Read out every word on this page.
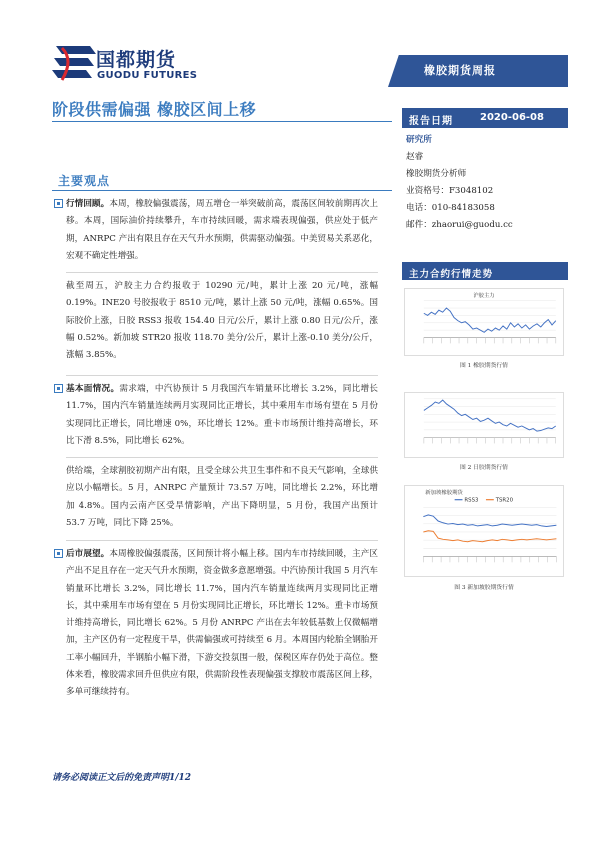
国都期货
GUODU FUTURES	橡胶期货周报
阶段供需偏强 橡胶区间上移
报告日期	2020-06-08
研究所
赵睿
橡胶期货分析师
业资格号：F3048102
电话：010-84183058
邮件：zhaorui@guodu.cc
主要观点
行情回顾。本周，橡胶偏强震荡，周五增仓一举突破前高，震荡区间较前期再次上移。本周，国际油价持续攀升，车市持续回暖，需求端表现偏强，供应处于低产期，ANRPC 产出有限且存在天气升水预期，供需驱动偏强。中美贸易关系恶化，宏观不确定性增强。
截至周五，沪胶主力合约报收于 10290 元/吨，累计上涨 20 元/吨，涨幅 0.19%。INE20 号胶报收于 8510 元/吨，累计上涨 50 元/吨，涨幅 0.65%。国际胶价上涨，日胶 RSS3 报收 154.40 日元/公斤，累计上涨 0.80 日元/公斤，涨幅 0.52%。新加坡 STR20 报收 118.70 美分/公斤，累计上涨-0.10 美分/公斤，涨幅 3.85%。
基本面情况。需求端，中汽协预计 5 月我国汽车销量环比增长 3.2%，同比增长 11.7%，国内汽车销量连续两月实现同比正增长，其中乘用车市场有望在 5 月份实现同比正增长，同比增速 0%，环比增长 12%。重卡市场预计维持高增长，环比下滑 8.5%，同比增长 62%。
供给端，全球割胶初期产出有限，且受全球公共卫生事件和不良天气影响，全球供应以小幅增长。5 月，ANRPC 产量预计 73.57 万吨，同比增长 2.2%，环比增加 4.8%。国内云南产区受旱情影响，产出下降明显，5 月份，我国产出预计 53.7 万吨，同比下降 25%。
后市展望。本周橡胶偏强震荡，区间预计将小幅上移。国内车市持续回暖，主产区产出不足且存在一定天气升水预期，资金做多意愿增强。中汽协预计我国 5 月汽车销量环比增长 3.2%，同比增长 11.7%，国内汽车销量连续两月实现同比正增长，其中乘用车市场有望在 5 月份实现同比正增长，环比增长 12%。重卡市场预计维持高增长，同比增长 62%。5 月份 ANRPC 产出在去年较低基数上仅微幅增加，主产区仍有一定程度干旱，供需偏强或可持续至 6 月。本周国内轮胎全钢胎开工率小幅回升，半钢胎小幅下滑，下游交投氛围一般，保税区库存仍处于高位。整体来看，橡胶需求回升但供应有限，供需阶段性表现偏强支撑胶市震荡区间上移，多单可继续持有。
主力合约行情走势
沪胶主力
图 1 橡胶期货行情
图 2 日胶期货行情
新加坡橡胶期货
RSS3	TSR20
图 3 新加坡胶期货行情
请务必阅读正文后的免责声明1/12
